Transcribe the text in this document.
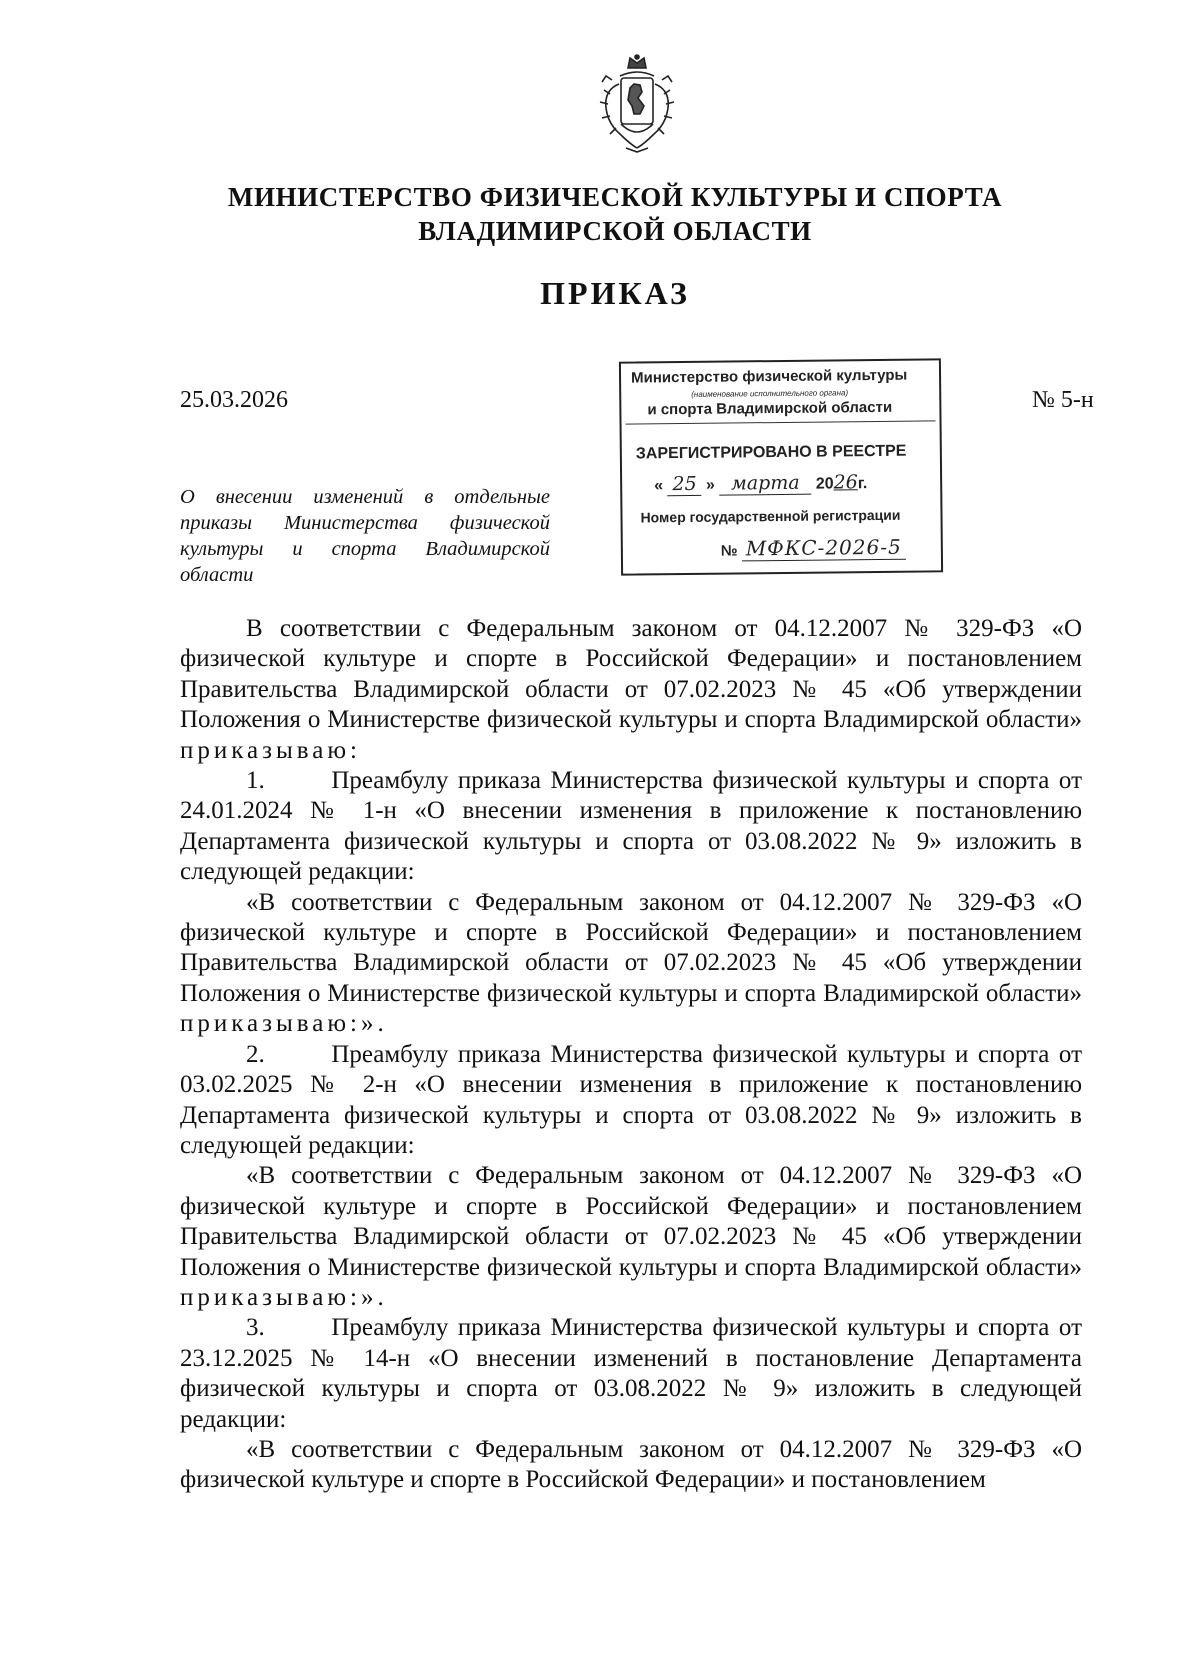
МИНИСТЕРСТВО ФИЗИЧЕСКОЙ КУЛЬТУРЫ И СПОРТА
ВЛАДИМИРСКОЙ ОБЛАСТИ
ПРИКАЗ
25.03.2026	№ 5-н
О внесении изменений в отдельные приказы Министерства физической культуры и спорта Владимирской области
Министерство физической культуры
(наименование исполнительного органа)
и спорта Владимирской области
ЗАРЕГИСТРИРОВАНО В РЕЕСТРЕ
« 25 » марта 2026г.
Номер государственной регистрации
№ МФКС-2026-5

В соответствии с Федеральным законом от 04.12.2007 № 329-ФЗ «О физической культуре и спорте в Российской Федерации» и постановлением Правительства Владимирской области от 07.02.2023 № 45 «Об утверждении Положения о Министерстве физической культуры и спорта Владимирской области» приказываю:

1.	Преамбулу приказа Министерства физической культуры и спорта от 24.01.2024 № 1-н «О внесении изменения в приложение к постановлению Департамента физической культуры и спорта от 03.08.2022 № 9» изложить в следующей редакции:

«В соответствии с Федеральным законом от 04.12.2007 № 329-ФЗ «О физической культуре и спорте в Российской Федерации» и постановлением Правительства Владимирской области от 07.02.2023 № 45 «Об утверждении Положения о Министерстве физической культуры и спорта Владимирской области» приказываю:».

2.	Преамбулу приказа Министерства физической культуры и спорта от 03.02.2025 № 2-н «О внесении изменения в приложение к постановлению Департамента физической культуры и спорта от 03.08.2022 № 9» изложить в следующей редакции:

«В соответствии с Федеральным законом от 04.12.2007 № 329-ФЗ «О физической культуре и спорте в Российской Федерации» и постановлением Правительства Владимирской области от 07.02.2023 № 45 «Об утверждении Положения о Министерстве физической культуры и спорта Владимирской области» приказываю:».

3.	Преамбулу приказа Министерства физической культуры и спорта от 23.12.2025 № 14-н «О внесении изменений в постановление Департамента физической культуры и спорта от 03.08.2022 № 9» изложить в следующей редакции:

«В соответствии с Федеральным законом от 04.12.2007 № 329-ФЗ «О физической культуре и спорте в Российской Федерации» и постановлением
